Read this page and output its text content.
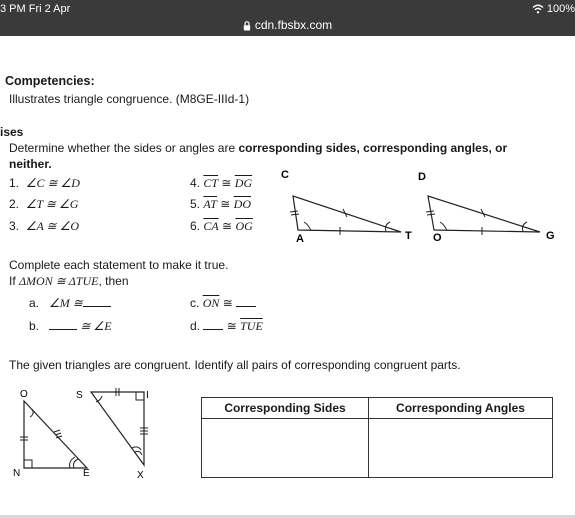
3 PM Fri 2 Apr	100%
cdn.fbsbx.com
Competencies:
Illustrates triangle congruence. (M8GE-IIId-1)
ises
Determine whether the sides or angles are corresponding sides, corresponding angles, or
neither.
1. ∠C ≅ ∠D
2. ∠T ≅ ∠G
3. ∠A ≅ ∠O
4. $\overline{CT}$ ≅ $\overline{DG}$
5. $\overline{AT}$ ≅ $\overline{DO}$
6. $\overline{CA}$ ≅ $\overline{OG}$
C
A	T
D
O	G
O
N	E
S	I
X
Complete each statement to make it true.
If ΔMON ≅ ΔTUE, then
a. ∠M ≅
b.	≅ ∠E
c. $\overline{ON}$ ≅
d. ≅ $\overline{TUE}$
The given triangles are congruent. Identify all pairs of corresponding congruent parts.
Corresponding Sides	Corresponding Angles
